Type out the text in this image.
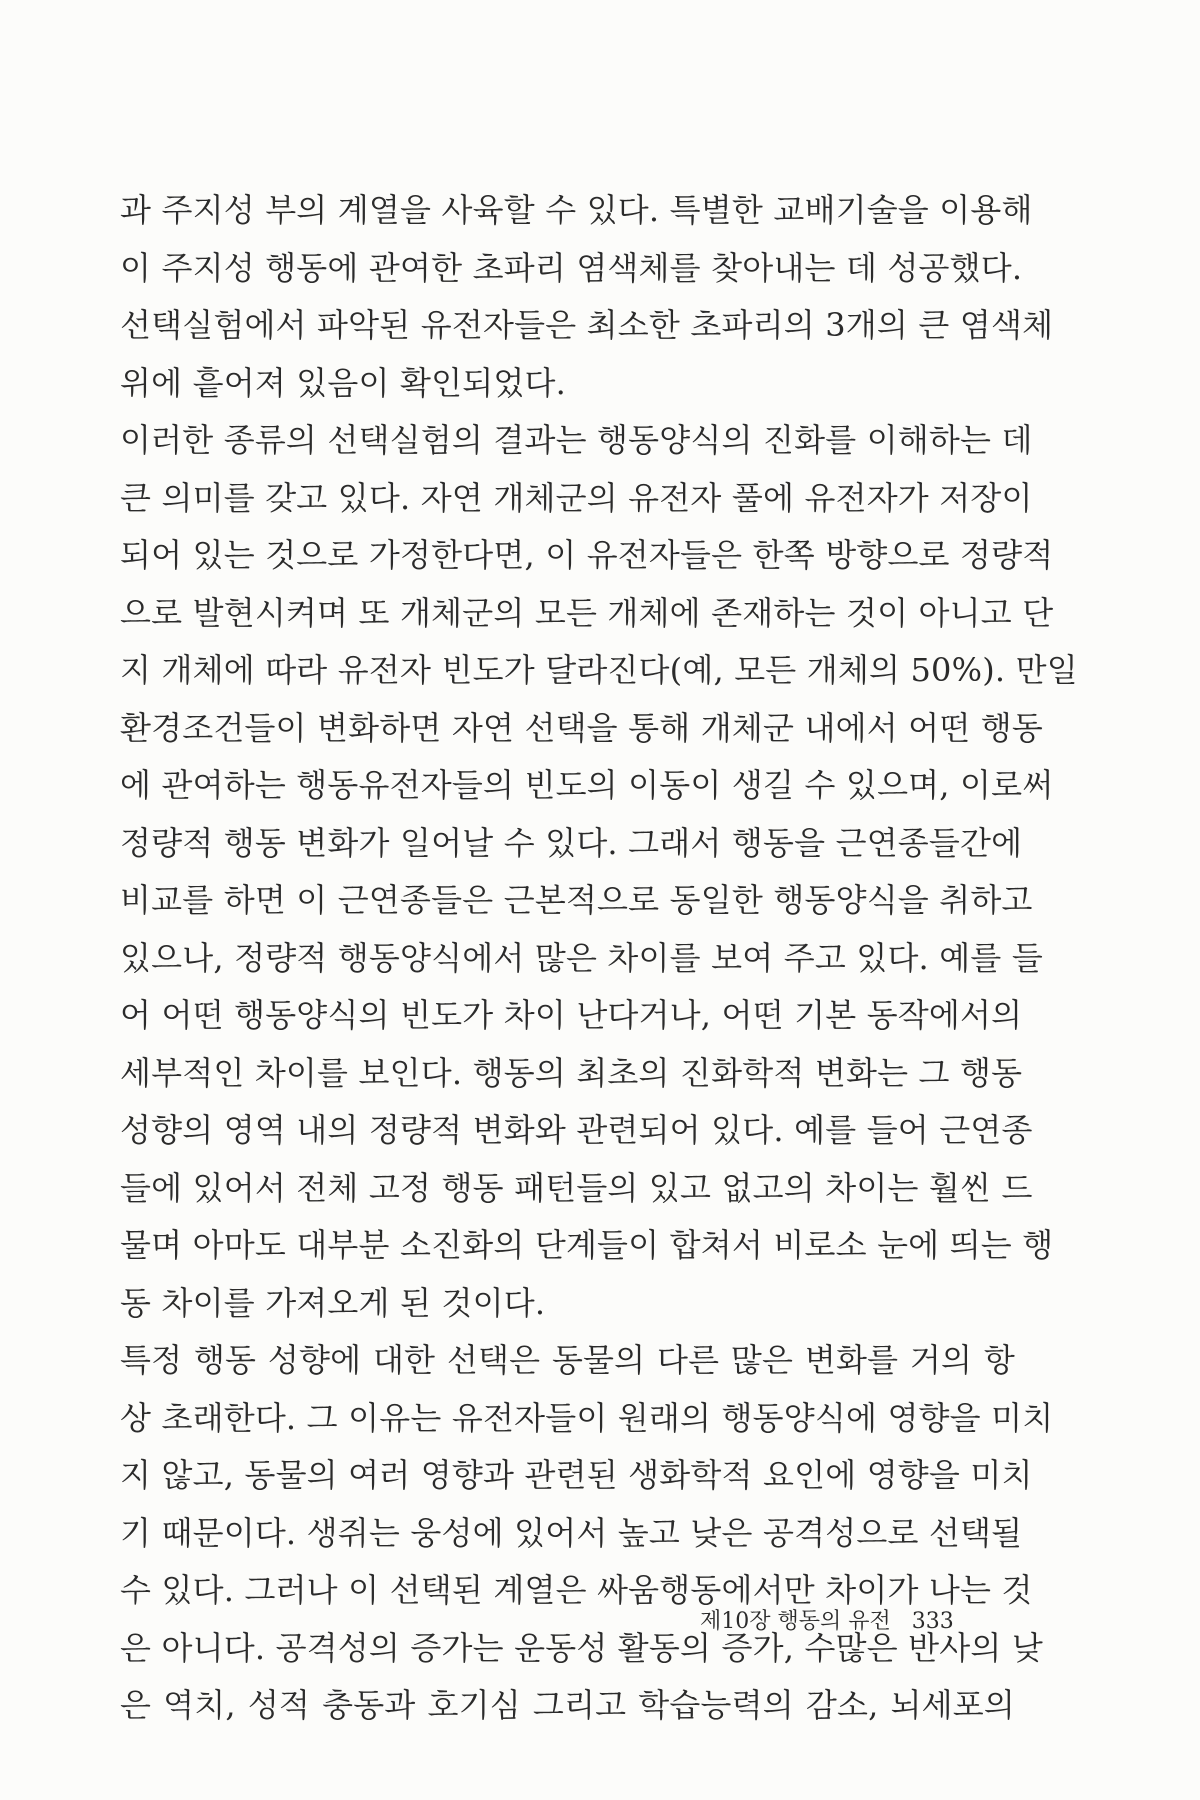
과 주지성 부의 계열을 사육할 수 있다. 특별한 교배기술을 이용해
이 주지성 행동에 관여한 초파리 염색체를 찾아내는 데 성공했다.
선택실험에서 파악된 유전자들은 최소한 초파리의 3개의 큰 염색체
위에 흩어져 있음이 확인되었다.

이러한 종류의 선택실험의 결과는 행동양식의 진화를 이해하는 데
큰 의미를 갖고 있다. 자연 개체군의 유전자 풀에 유전자가 저장이
되어 있는 것으로 가정한다면, 이 유전자들은 한쪽 방향으로 정량적
으로 발현시켜며 또 개체군의 모든 개체에 존재하는 것이 아니고 단
지 개체에 따라 유전자 빈도가 달라진다(예, 모든 개체의 50%). 만일
환경조건들이 변화하면 자연 선택을 통해 개체군 내에서 어떤 행동
에 관여하는 행동유전자들의 빈도의 이동이 생길 수 있으며, 이로써
정량적 행동 변화가 일어날 수 있다. 그래서 행동을 근연종들간에
비교를 하면 이 근연종들은 근본적으로 동일한 행동양식을 취하고
있으나, 정량적 행동양식에서 많은 차이를 보여 주고 있다. 예를 들
어 어떤 행동양식의 빈도가 차이 난다거나, 어떤 기본 동작에서의
세부적인 차이를 보인다. 행동의 최초의 진화학적 변화는 그 행동
성향의 영역 내의 정량적 변화와 관련되어 있다. 예를 들어 근연종
들에 있어서 전체 고정 행동 패턴들의 있고 없고의 차이는 훨씬 드
물며 아마도 대부분 소진화의 단계들이 합쳐서 비로소 눈에 띄는 행
동 차이를 가져오게 된 것이다.

특정 행동 성향에 대한 선택은 동물의 다른 많은 변화를 거의 항
상 초래한다. 그 이유는 유전자들이 원래의 행동양식에 영향을 미치
지 않고, 동물의 여러 영향과 관련된 생화학적 요인에 영향을 미치
기 때문이다. 생쥐는 웅성에 있어서 높고 낮은 공격성으로 선택될
수 있다. 그러나 이 선택된 계열은 싸움행동에서만 차이가 나는 것
은 아니다. 공격성의 증가는 운동성 활동의 증가, 수많은 반사의 낮
은 역치, 성적 충동과 호기심 그리고 학습능력의 감소, 뇌세포의

제10장 행동의 유전 333
